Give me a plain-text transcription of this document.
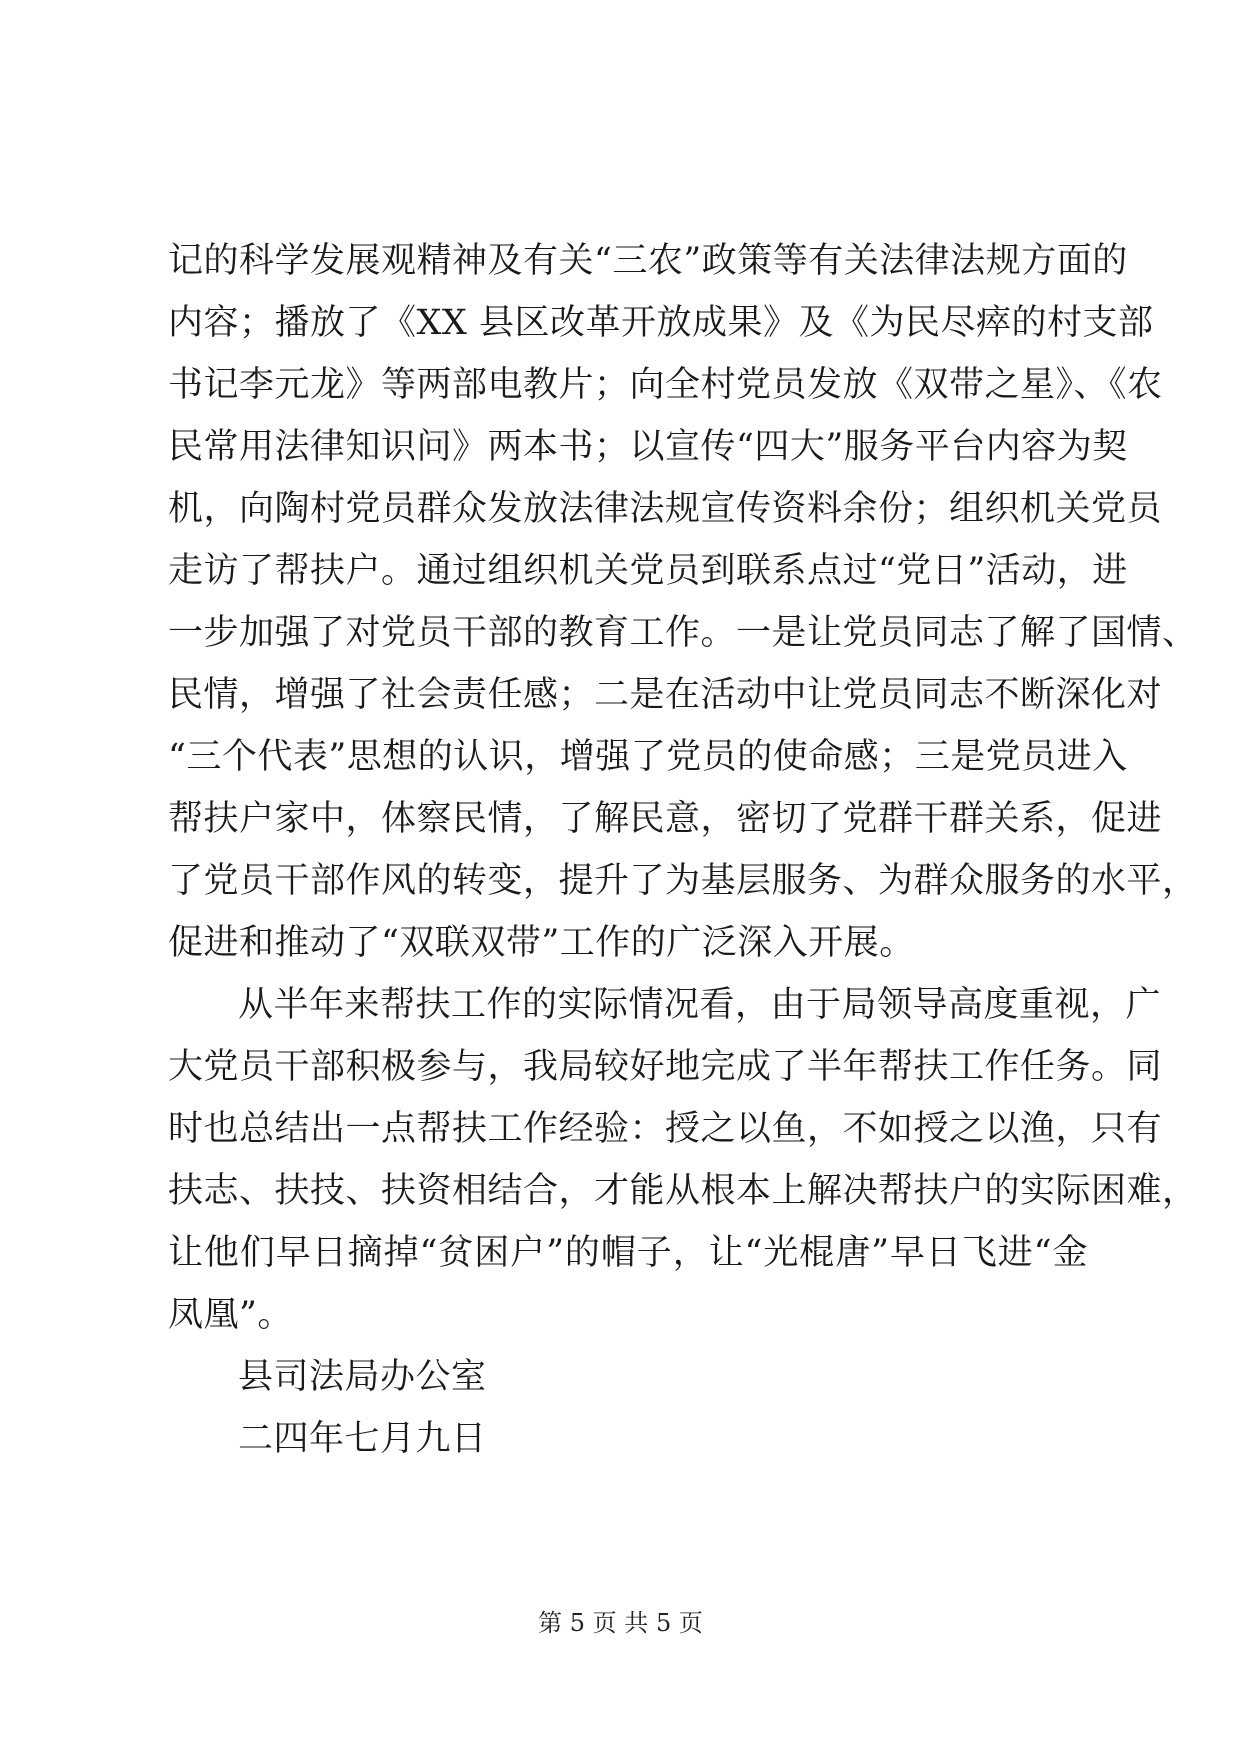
记的科学发展观精神及有关“三农”政策等有关法律法规方面的
内容；播放了《XX 县区改革开放成果》及《为民尽瘁的村支部
书记李元龙》等两部电教片；向全村党员发放《双带之星》、《农
民常用法律知识问》两本书；以宣传“四大”服务平台内容为契
机，向陶村党员群众发放法律法规宣传资料余份；组织机关党员
走访了帮扶户。通过组织机关党员到联系点过“党日”活动，进
一步加强了对党员干部的教育工作。一是让党员同志了解了国情、
民情，增强了社会责任感；二是在活动中让党员同志不断深化对
“三个代表”思想的认识，增强了党员的使命感；三是党员进入
帮扶户家中，体察民情，了解民意，密切了党群干群关系，促进
了党员干部作风的转变，提升了为基层服务、为群众服务的水平，
促进和推动了“双联双带”工作的广泛深入开展。
从半年来帮扶工作的实际情况看，由于局领导高度重视，广
大党员干部积极参与，我局较好地完成了半年帮扶工作任务。同
时也总结出一点帮扶工作经验：授之以鱼，不如授之以渔，只有
扶志、扶技、扶资相结合，才能从根本上解决帮扶户的实际困难，
让他们早日摘掉“贫困户”的帽子，让“光棍唐”早日飞进“金
凤凰”。
县司法局办公室
二四年七月九日
第 5 页 共 5 页
